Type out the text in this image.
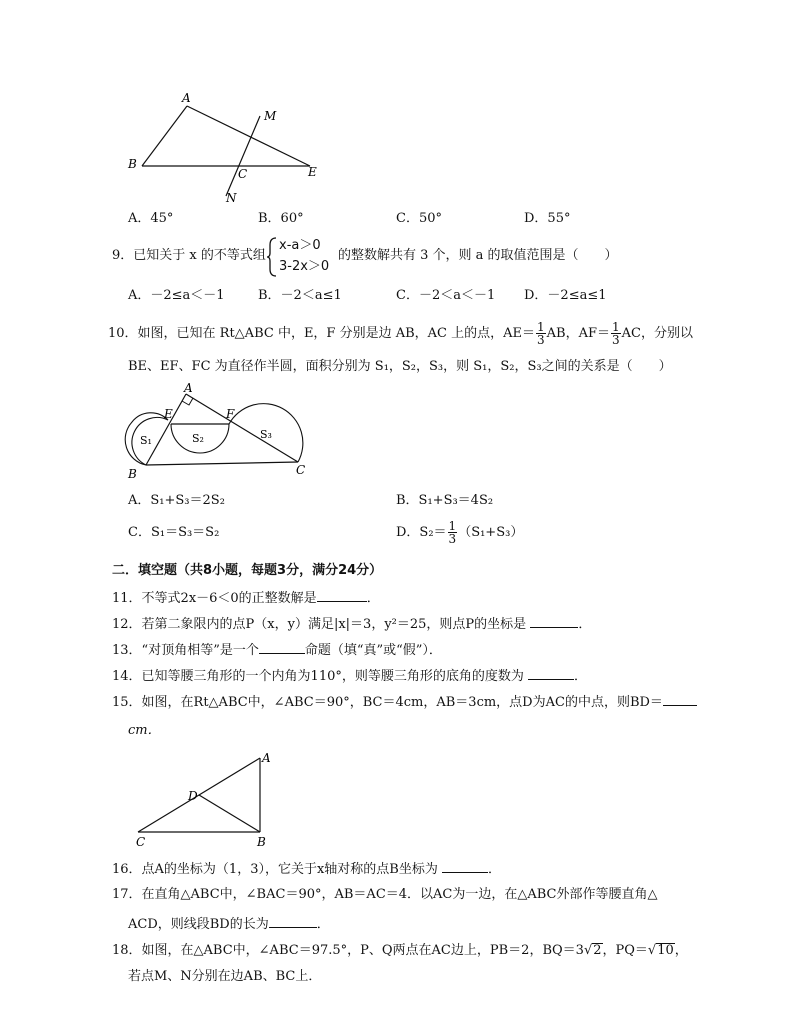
A
M
B
C	E
N
A．45°	B．60°	C．50°	D．55°
9．已知关于 x 的不等式组
x-a＞0
3-2x＞0
的整数解共有 3 个，则 a 的取值范围是（　　）
A．－2≤a＜－1	B．－2＜a≤1	C．－2＜a＜－1 D．－2≤a≤1
10．如图，已知在 Rt△ABC 中，E，F 分别是边 AB，AC 上的点，$AE= \frac{1}{3}$ AB，$AF= \frac{1}{3}$ AC，分别以
BE、EF、FC 为直径作半圆，面积分别为 S₁，S₂，S₃，则 S₁，S₂，S₃之间的关系是（　　）
A
E	F
B	C
S₁	S₂	S₃
A．S₁+S₃＝2S₂	B．S₁+S₃＝4S₂
C．S₁＝S₃＝S₂	D．$S_2= \frac{1}{3} (S_1+S_3)$
二．填空题（共8小题，每题3分，满分24分）
11．不等式2x－6＜0的正整数解是	．
12．若第二象限内的点P（x，y）满足|x|＝3，y²＝25，则点P的坐标是	．
13．“对顶角相等”是一个	命题（填“真”或“假”）．
14．已知等腰三角形的一个内角为110°，则等腰三角形的底角的度数为	．
15．如图，在Rt△ABC中，∠ABC＝90°，BC＝4cm，AB＝3cm，点D为AC的中点，则BD＝
cm．
A
D
C	B
16．点A的坐标为（1，3），它关于x轴对称的点B坐标为	．
17．在直角△ABC中，∠BAC＝90°，AB＝AC＝4．以AC为一边，在△ABC外部作等腰直角△
ACD，则线段BD的长为	．
18．如图，在△ABC中，∠ABC＝97.5°，P、Q两点在AC边上，PB＝2，BQ＝3√2，PQ＝√10，
若点M、N分别在边AB、BC上．
